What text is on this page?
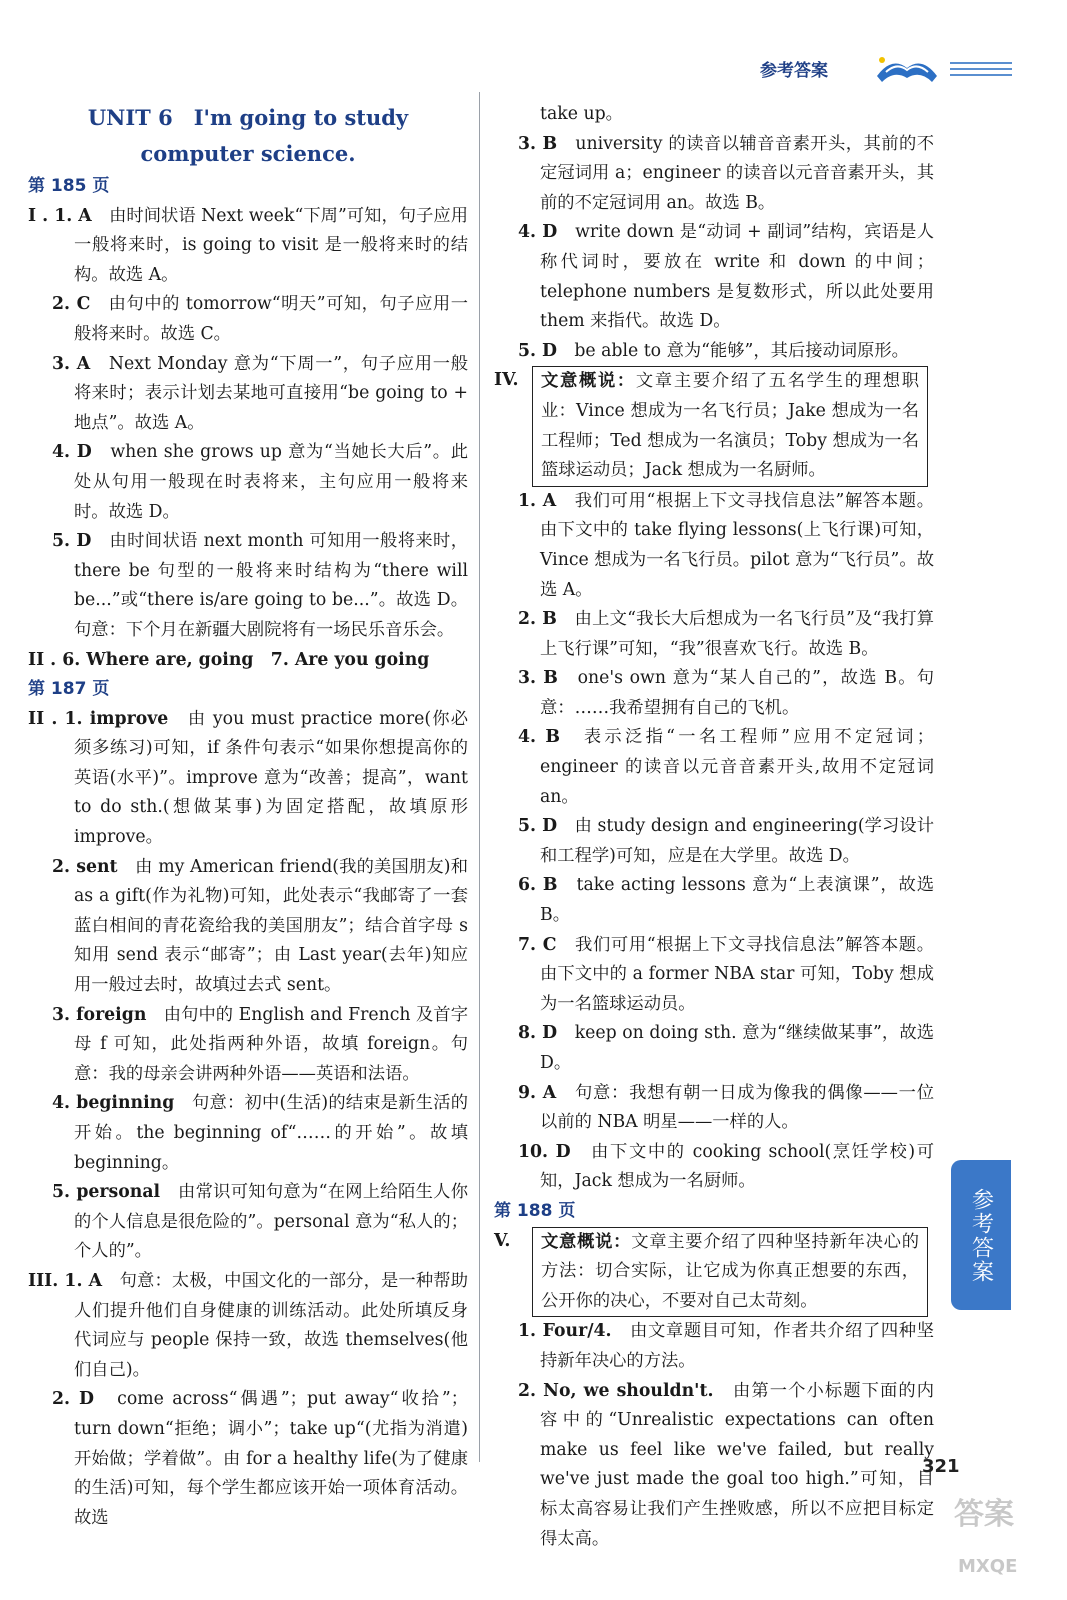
参考答案
UNIT 6　I'm going to study
computer science.
第 185 页
I . 1. A　 由时间状语 Next week“下周”可知，句子应用一般将来时，is going to visit 是一般将来时的结构。故选 A。
2. C　 由句中的 tomorrow“明天”可知，句子应用一般将来时。故选 C。
3. A　 Next Monday 意为“下周一”，句子应用一般将来时；表示计划去某地可直接用“be going to + 地点”。故选 A。
4. D　 when she grows up 意为“当她长大后”。此处从句用一般现在时表将来，主句应用一般将来时。故选 D。
5. D　 由时间状语 next month 可知用一般将来时，there be 句型的一般将来时结构为“there will be...”或“there is/are going to be...”。故选 D。句意：下个月在新疆大剧院将有一场民乐音乐会。
II . 6. Where are, going　7. Are you going
第 187 页
II . 1. improve　 由 you must practice more(你必须多练习)可知，if 条件句表示“如果你想提高你的英语(水平)”。improve 意为“改善；提高”，want to do sth.(想做某事)为固定搭配，故填原形 improve。
2. sent　 由 my American friend(我的美国朋友)和 as a gift(作为礼物)可知，此处表示“我邮寄了一套蓝白相间的青花瓷给我的美国朋友”；结合首字母 s 知用 send 表示“邮寄”；由 Last year(去年)知应用一般过去时，故填过去式 sent。
3. foreign　 由句中的 English and French 及首字母 f 可知，此处指两种外语，故填 foreign。句意：我的母亲会讲两种外语——英语和法语。
4. beginning　 句意：初中(生活)的结束是新生活的开始。the beginning of“……的开始”。故填 beginning。
5. personal　 由常识可知句意为“在网上给陌生人你的个人信息是很危险的”。personal 意为“私人的；个人的”。
III. 1. A　 句意：太极，中国文化的一部分，是一种帮助人们提升他们自身健康的训练活动。此处所填反身代词应与 people 保持一致，故选 themselves(他们自己)。
2. D　 come across“偶遇”；put away“收拾”；turn down“拒绝；调小”；take up“(尤指为消遣)开始做；学着做”。由 for a healthy life(为了健康的生活)可知，每个学生都应该开始一项体育活动。故选
take up。
3. B　 university 的读音以辅音音素开头，其前的不定冠词用 a；engineer 的读音以元音音素开头，其前的不定冠词用 an。故选 B。
4. D　 write down 是“动词 + 副词”结构，宾语是人称代词时，要放在 write 和 down 的中间；telephone numbers 是复数形式，所以此处要用 them 来指代。故选 D。
5. D　 be able to 意为“能够”，其后接动词原形。
IV.	文意概说：文章主要介绍了五名学生的理想职业：Vince 想成为一名飞行员；Jake 想成为一名工程师；Ted 想成为一名演员；Toby 想成为一名篮球运动员；Jack 想成为一名厨师。
1. A　 我们可用“根据上下文寻找信息法”解答本题。由下文中的 take flying lessons(上飞行课)可知，Vince 想成为一名飞行员。pilot 意为“飞行员”。故选 A。
2. B　 由上文“我长大后想成为一名飞行员”及“我打算上飞行课”可知，“我”很喜欢飞行。故选 B。
3. B　 one's own 意为“某人自己的”，故选 B。句意：……我希望拥有自己的飞机。
4. B　 表示泛指“一名工程师”应用不定冠词；engineer 的读音以元音音素开头,故用不定冠词 an。
5. D　 由 study design and engineering(学习设计和工程学)可知，应是在大学里。故选 D。
6. B　 take acting lessons 意为“上表演课”，故选 B。
7. C　 我们可用“根据上下文寻找信息法”解答本题。由下文中的 a former NBA star 可知，Toby 想成为一名篮球运动员。
8. D　 keep on doing sth. 意为“继续做某事”，故选 D。
9. A　 句意：我想有朝一日成为像我的偶像——一位以前的 NBA 明星——一样的人。
10. D　 由下文中的 cooking school(烹饪学校)可知，Jack 想成为一名厨师。
第 188 页
V.	文意概说：文章主要介绍了四种坚持新年决心的方法：切合实际，让它成为你真正想要的东西，公开你的决心，不要对自己太苛刻。
1. Four/4.　 由文章题目可知，作者共介绍了四种坚持新年决心的方法。
2. No, we shouldn't.　 由第一个小标题下面的内容中的“Unrealistic expectations can often make us feel like we've failed, but really we've just made the goal too high.”可知，目标太高容易让我们产生挫败感，所以不应把目标定得太高。
参考答案
321
答案
MXQE
